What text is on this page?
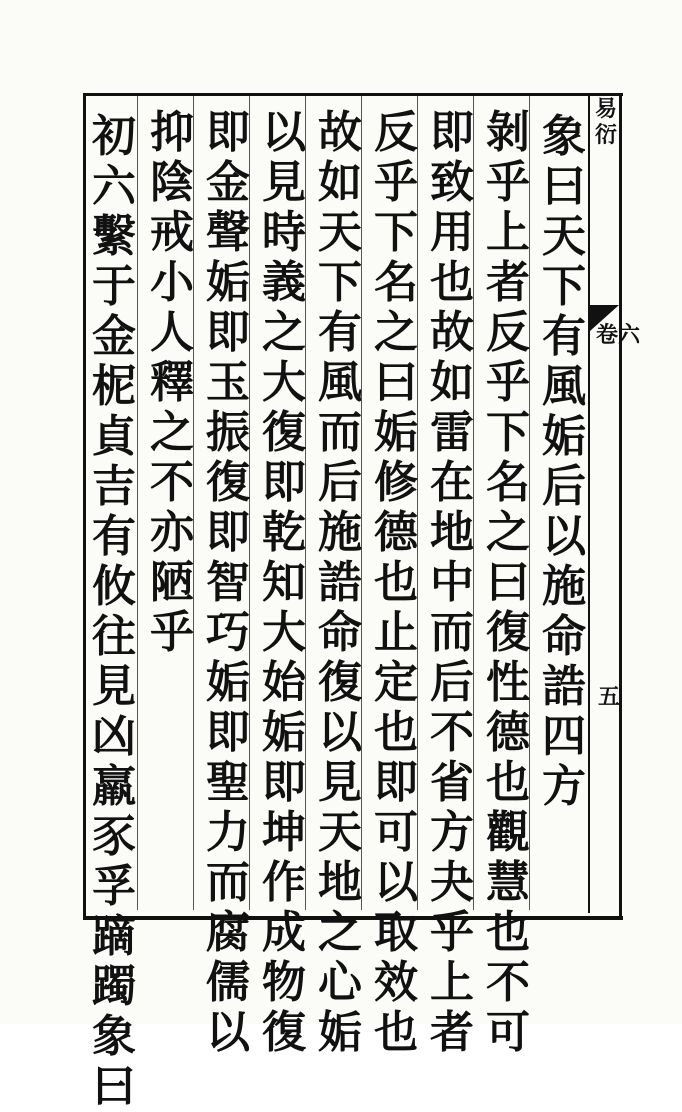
象
曰
天
下
有
風
姤
后
以
施
命
誥
四
方
剝
乎
上
者
反
乎
下
名
之
曰
復
性
德
也
觀
慧
也
不
可
即
致
用
也
故
如
雷
在
地
中
而
后
不
省
方
夬
乎
上
者
反
乎
下
名
之
曰
姤
修
德
也
止
定
也
即
可
以
取
效
也
故
如
天
下
有
風
而
后
施
誥
命
復
以
見
天
地
之
心
姤
以
見
時
義
之
大
復
即
乾
知
大
始
姤
即
坤
作
成
物
復
即
金
聲
姤
即
玉
振
復
即
智
巧
姤
即
聖
力
而
腐
儒
以
抑
陰
戒
小
人
釋
之
不
亦
陋
乎
初
六
繫
于
金
柅
貞
吉
有
攸
往
見
凶
羸
豕
孚
蹢
躅
象
曰
易
衍
卷六
五
